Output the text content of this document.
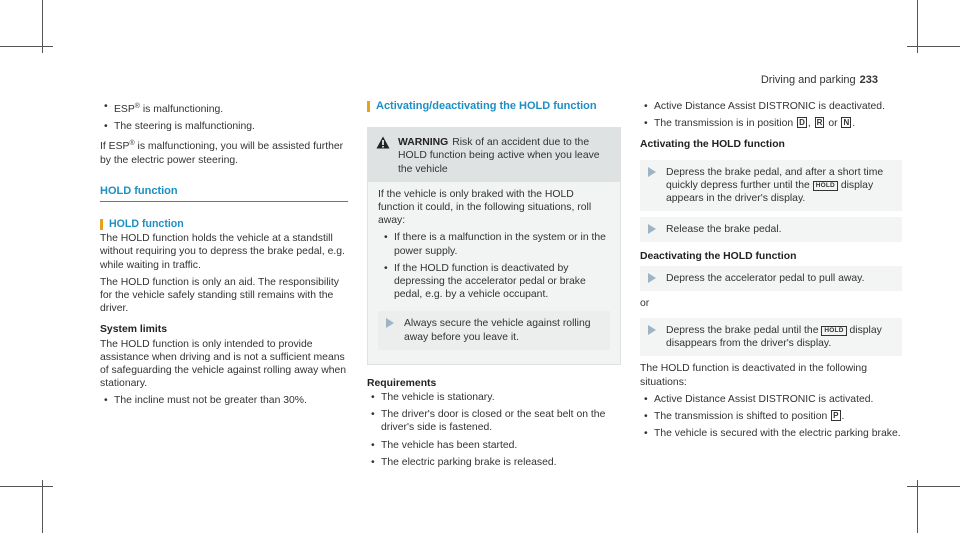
Driving and parking 233
• ESP® is malfunctioning.
• The steering is malfunctioning.

If ESP® is malfunctioning, you will be assisted further by the electric power steering.

HOLD function
HOLD function

The HOLD function holds the vehicle at a standstill without requiring you to depress the brake pedal, e.g. while waiting in traffic.

The HOLD function is only an aid. The responsibility for the vehicle safely standing still remains with the driver.

System limits

The HOLD function is only intended to provide assistance when driving and is not a sufficient means of safeguarding the vehicle against rolling away when stationary.

• The incline must not be greater than 30%.
Activating/deactivating the HOLD function
WARNING Risk of an accident due to the HOLD function being active when you leave the vehicle

If the vehicle is only braked with the HOLD function it could, in the following situations, roll away:

• If there is a malfunction in the system or in the power supply.
• If the HOLD function is deactivated by depressing the accelerator pedal or brake pedal, e.g. by a vehicle occupant.
Always secure the vehicle against rolling away before you leave it.
Requirements
• The vehicle is stationary.
• The driver's door is closed or the seat belt on the driver's side is fastened.
• The vehicle has been started.
• The electric parking brake is released.
• Active Distance Assist DISTRONIC is deactivated.
• The transmission is in position D , R or N .
Activating the HOLD function
Depress the brake pedal, and after a short time quickly depress further until the HOLD display appears in the driver's display.
Release the brake pedal.
Deactivating the HOLD function
Depress the accelerator pedal to pull away.

or

Depress the brake pedal until the HOLD display disappears from the driver's display.

The HOLD function is deactivated in the following situations:

• Active Distance Assist DISTRONIC is activated.
• The transmission is shifted to position P .
• The vehicle is secured with the electric parking brake.
